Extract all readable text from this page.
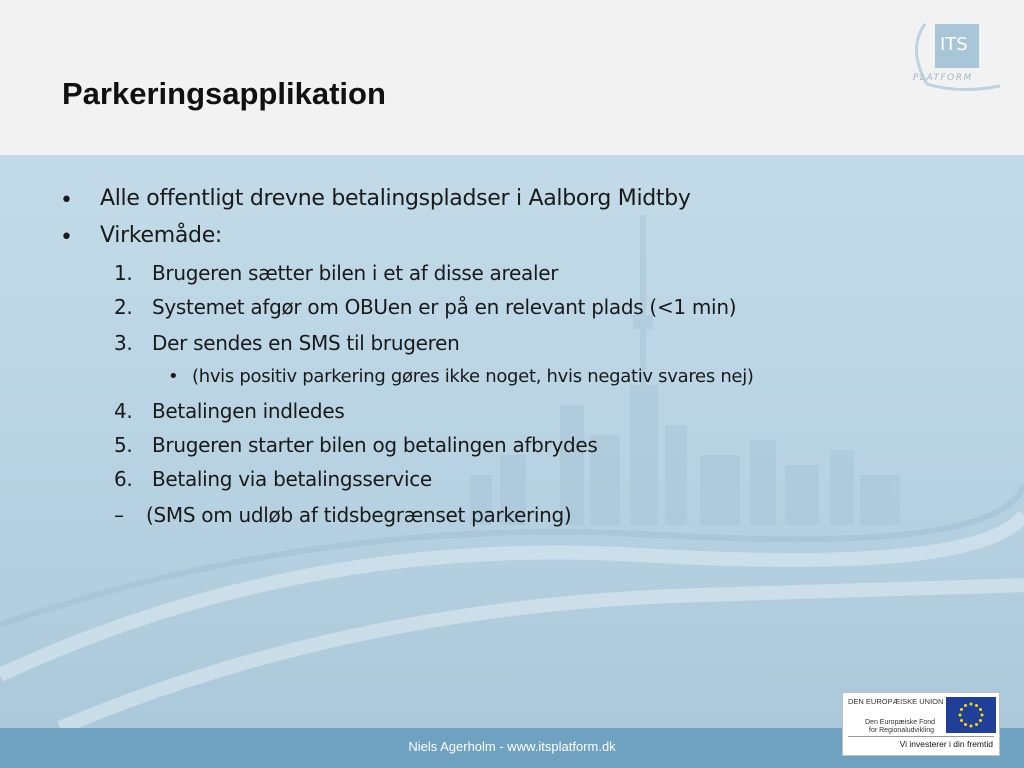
Parkeringsapplikation
ITS
PLATFORM
• Alle offentligt drevne betalingspladser i Aalborg Midtby
• Virkemåde:
1. Brugeren sætter bilen i et af disse arealer
2. Systemet afgør om OBUen er på en relevant plads (<1 min)
3. Der sendes en SMS til brugeren
• (hvis positiv parkering gøres ikke noget, hvis negativ svares nej)
4. Betalingen indledes
5. Brugeren starter bilen og betalingen afbrydes
6. Betaling via betalingsservice
– (SMS om udløb af tidsbegrænset parkering)

Niels Agerholm - www.itsplatform.dk

DEN EUROPÆISKE UNION
Den Europæiske Fond
for Regionaludvikling
Vi investerer i din fremtid
